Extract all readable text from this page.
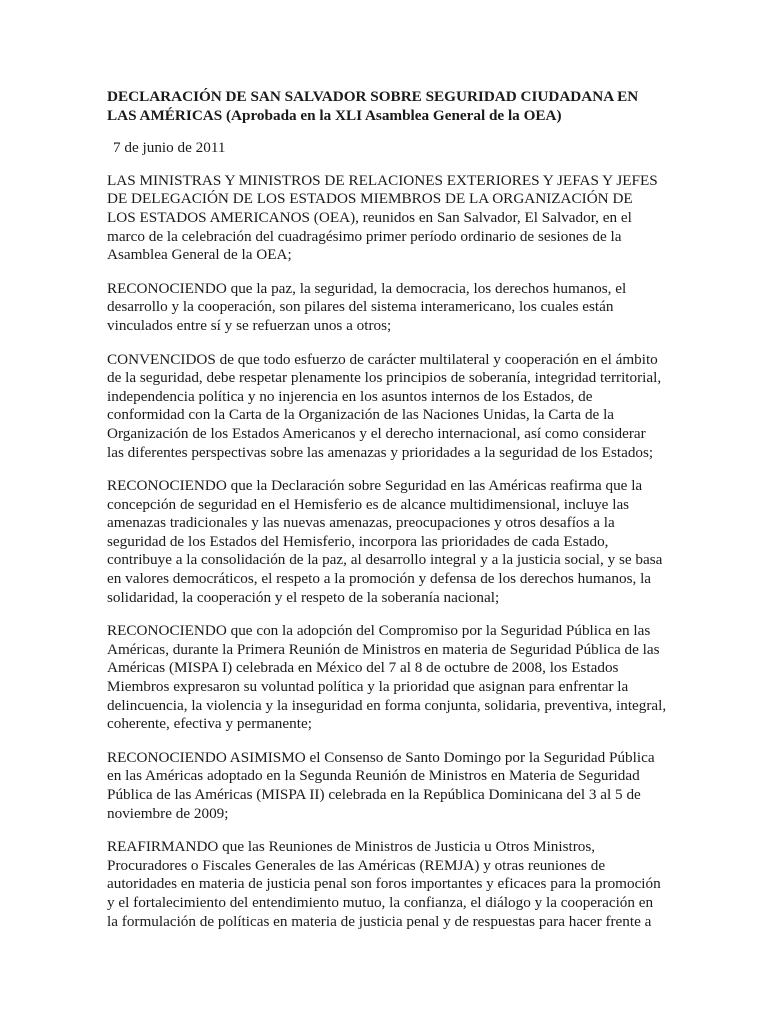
DECLARACIÓN DE SAN SALVADOR SOBRE SEGURIDAD CIUDADANA EN
LAS AMÉRICAS (Aprobada en la XLI Asamblea General de la OEA)
7 de junio de 2011
LAS MINISTRAS Y MINISTROS DE RELACIONES EXTERIORES Y JEFAS Y JEFES
DE DELEGACIÓN DE LOS ESTADOS MIEMBROS DE LA ORGANIZACIÓN DE
LOS ESTADOS AMERICANOS (OEA), reunidos en San Salvador, El Salvador, en el
marco de la celebración del cuadragésimo primer período ordinario de sesiones de la
Asamblea General de la OEA;
RECONOCIENDO que la paz, la seguridad, la democracia, los derechos humanos, el
desarrollo y la cooperación, son pilares del sistema interamericano, los cuales están
vinculados entre sí y se refuerzan unos a otros;
CONVENCIDOS de que todo esfuerzo de carácter multilateral y cooperación en el ámbito
de la seguridad, debe respetar plenamente los principios de soberanía, integridad territorial,
independencia política y no injerencia en los asuntos internos de los Estados, de
conformidad con la Carta de la Organización de las Naciones Unidas, la Carta de la
Organización de los Estados Americanos y el derecho internacional, así como considerar
las diferentes perspectivas sobre las amenazas y prioridades a la seguridad de los Estados;
RECONOCIENDO que la Declaración sobre Seguridad en las Américas reafirma que la
concepción de seguridad en el Hemisferio es de alcance multidimensional, incluye las
amenazas tradicionales y las nuevas amenazas, preocupaciones y otros desafíos a la
seguridad de los Estados del Hemisferio, incorpora las prioridades de cada Estado,
contribuye a la consolidación de la paz, al desarrollo integral y a la justicia social, y se basa
en valores democráticos, el respeto a la promoción y defensa de los derechos humanos, la
solidaridad, la cooperación y el respeto de la soberanía nacional;
RECONOCIENDO que con la adopción del Compromiso por la Seguridad Pública en las
Américas, durante la Primera Reunión de Ministros en materia de Seguridad Pública de las
Américas (MISPA I) celebrada en México del 7 al 8 de octubre de 2008, los Estados
Miembros expresaron su voluntad política y la prioridad que asignan para enfrentar la
delincuencia, la violencia y la inseguridad en forma conjunta, solidaria, preventiva, integral,
coherente, efectiva y permanente;
RECONOCIENDO ASIMISMO el Consenso de Santo Domingo por la Seguridad Pública
en las Américas adoptado en la Segunda Reunión de Ministros en Materia de Seguridad
Pública de las Américas (MISPA II) celebrada en la República Dominicana del 3 al 5 de
noviembre de 2009;
REAFIRMANDO que las Reuniones de Ministros de Justicia u Otros Ministros,
Procuradores o Fiscales Generales de las Américas (REMJA) y otras reuniones de
autoridades en materia de justicia penal son foros importantes y eficaces para la promoción
y el fortalecimiento del entendimiento mutuo, la confianza, el diálogo y la cooperación en
la formulación de políticas en materia de justicia penal y de respuestas para hacer frente a
